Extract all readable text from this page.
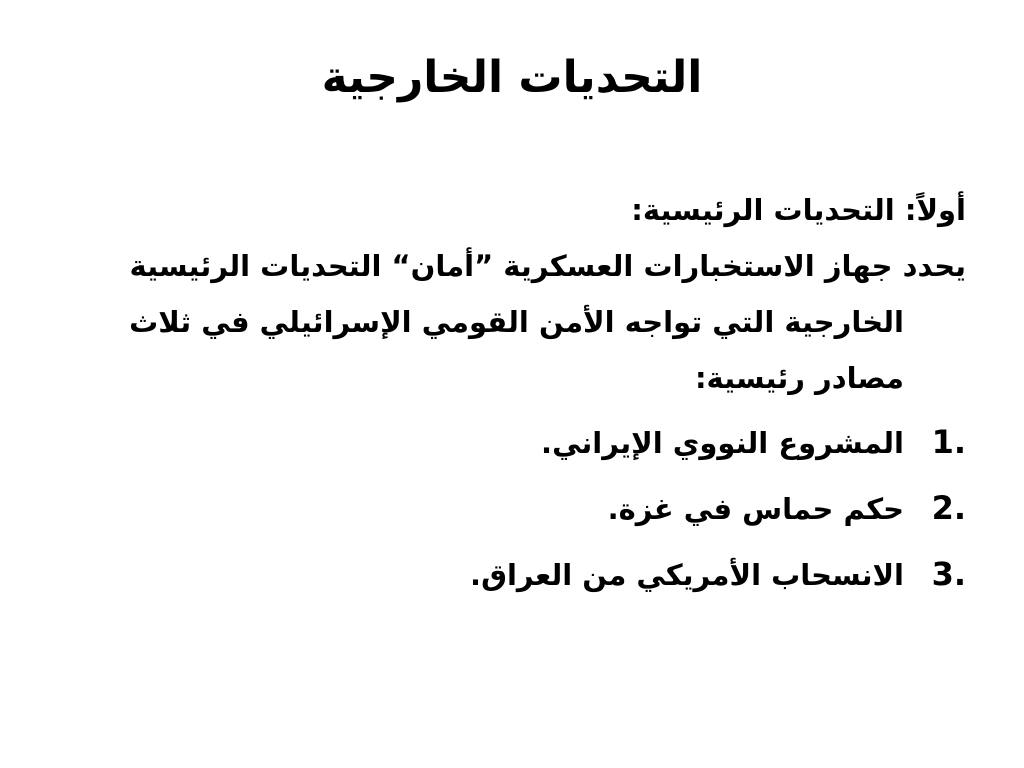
التحديات الخارجية

أولاً: التحديات الرئيسية:

يحدد جهاز الاستخبارات العسكرية ”أمان“ التحديات الرئيسية
الخارجية التي تواجه الأمن القومي الإسرائيلي في ثلاث مصادر رئيسية:

1.
المشروع النووي الإيراني.
2.
حكم حماس في غزة.
3.
الانسحاب الأمريكي من العراق.
